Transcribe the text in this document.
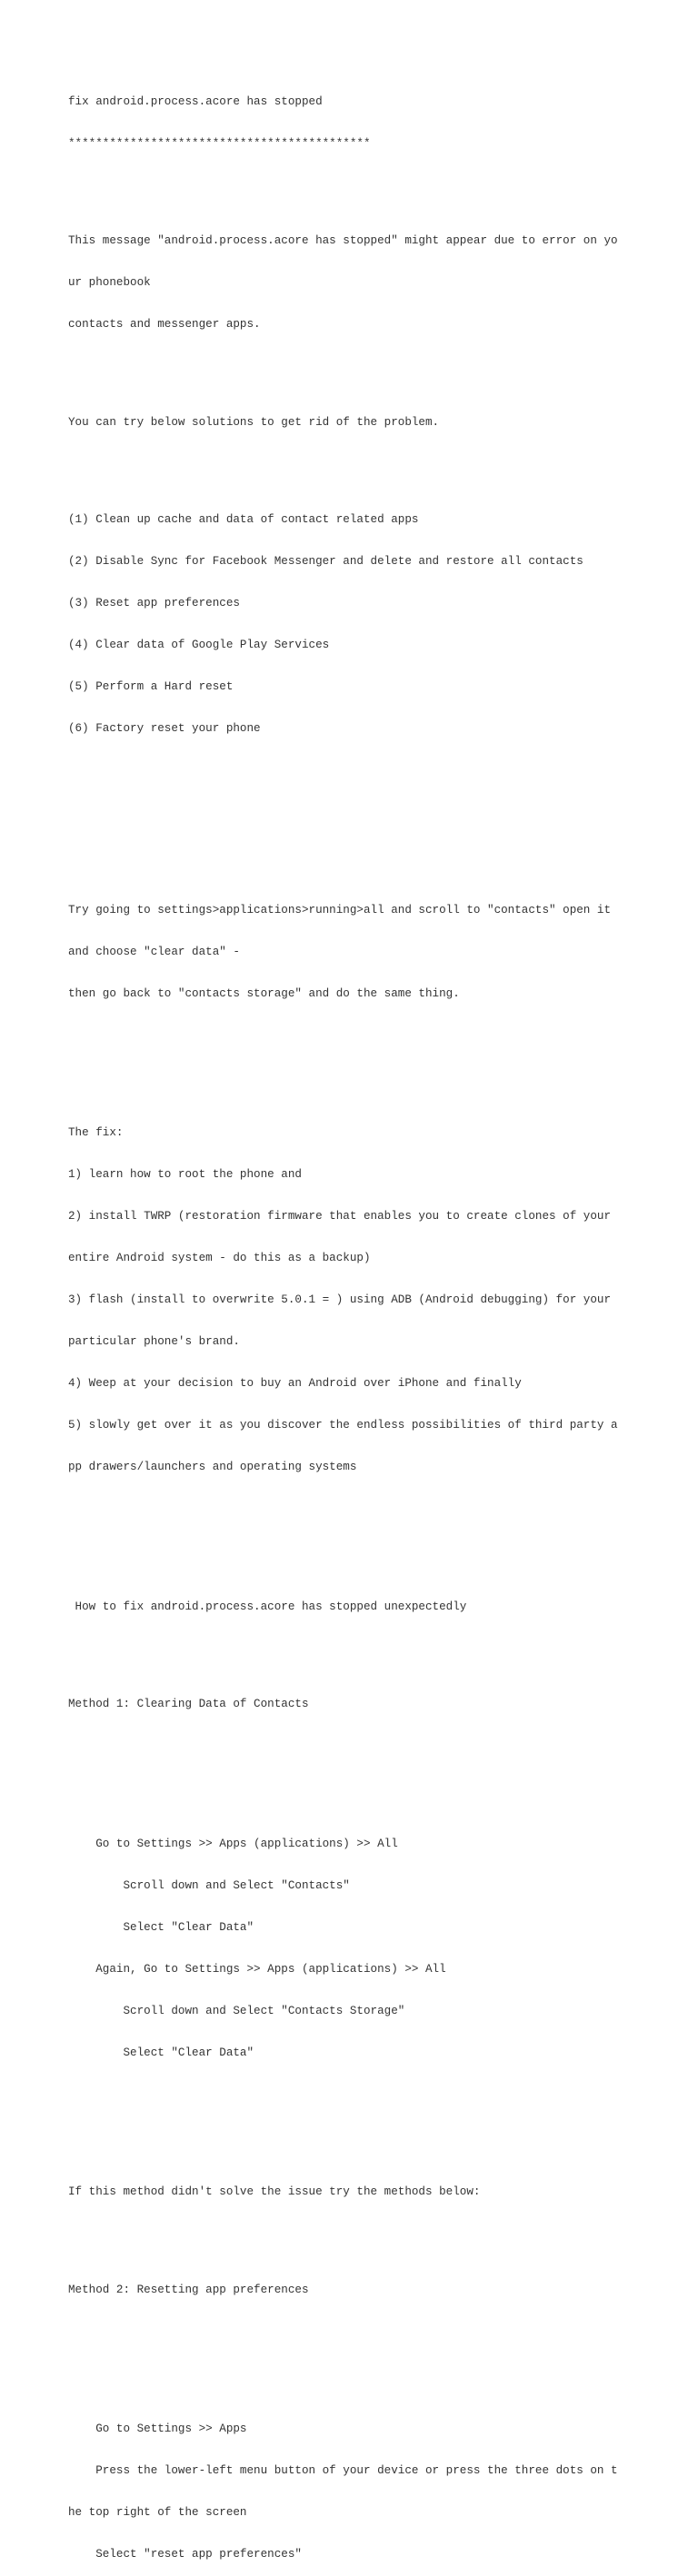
fix android.process.acore has stopped

********************************************

This message "android.process.acore has stopped" might appear due to error on yo

ur phonebook

contacts and messenger apps.

You can try below solutions to get rid of the problem.

(1) Clean up cache and data of contact related apps

(2) Disable Sync for Facebook Messenger and delete and restore all contacts

(3) Reset app preferences

(4) Clear data of Google Play Services

(5) Perform a Hard reset

(6) Factory reset your phone

Try going to settings>applications>running>all and scroll to "contacts" open it

and choose "clear data" -

then go back to "contacts storage" and do the same thing.

The fix:

1) learn how to root the phone and

2) install TWRP (restoration firmware that enables you to create clones of your

entire Android system - do this as a backup)

3) flash (install to overwrite 5.0.1 = ) using ADB (Android debugging) for your

particular phone's brand.

4) Weep at your decision to buy an Android over iPhone and finally

5) slowly get over it as you discover the endless possibilities of third party a

pp drawers/launchers and operating systems

How to fix android.process.acore has stopped unexpectedly

Method 1: Clearing Data of Contacts

Go to Settings >> Apps (applications) >> All

Scroll down and Select "Contacts"

Select "Clear Data"

Again, Go to Settings >> Apps (applications) >> All

Scroll down and Select "Contacts Storage"

Select "Clear Data"

If this method didn't solve the issue try the methods below:

Method 2: Resetting app preferences

Go to Settings >> Apps

Press the lower-left menu button of your device or press the three dots on t

he top right of the screen

Select "reset app preferences"
